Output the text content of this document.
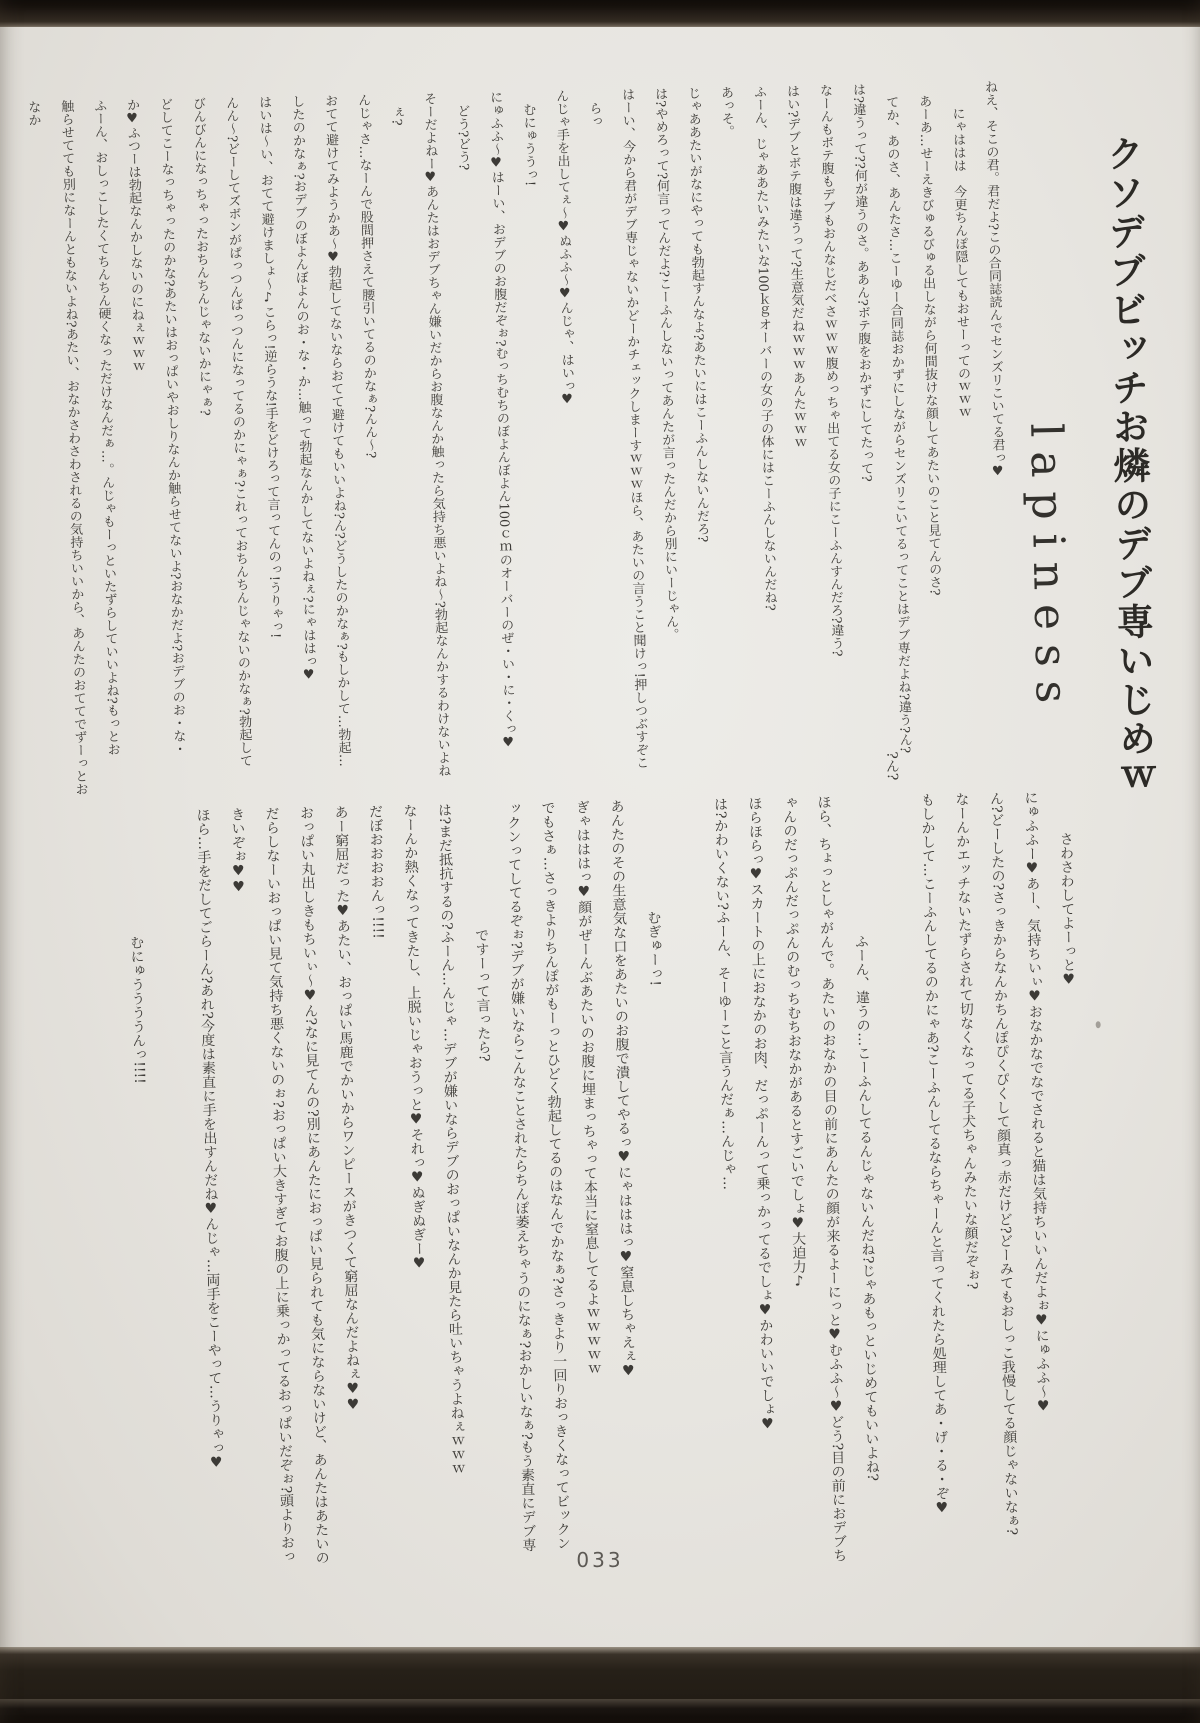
クソデブビッチお燐のデブ専いじめｗ
lapiness
ねえ、そこの君。君だよ?この合同誌読んでセンズリこいてる君っ♥
にゃははは　今更ちんぽ隠してもおせーってのｗｗｗ
あーあ…せーえきびゅるびゅる出しながら何間抜けな顔してあたいのこと見てんのさ?
てか、あのさ、あんたさ…こーゆー合同誌おかずにしながらセンズリこいてるってことはデブ専だよね?違う?ん?
は?違うって??何が違うのさ。ああん?ボテ腹をおかずにしてたって?
なーんもボテ腹もデブもおんなじだべさｗｗｗ腹めっちゃ出てる女の子にこーふんすんだろ?違う?
はい?デブとボテ腹は違うって?生意気だねｗｗｗあんたｗｗｗ
ふーん、じゃああたいみたいな100ｋｇオーバーの女の子の体にはこーふんしないんだね?
あっそ。
じゃああたいがなにやっても勃起すんなよ?あたいにはこーふんしないんだろ?
は?やめろって?何言ってんだよ?こーふんしないってあんたが言ったんだから別にいーじゃん。
はーい、今から君がデブ専じゃないかどーかチェックしまーすｗｗｗほら、あたいの言うこと聞けっ!押しつぶすぞこ
らっ
んじゃ手を出してぇ～♥ぬふふ～♥んじゃ、はいっ♥
むにゅううっ!
にゅふふ～♥はーい、おデブのお腹だぞぉ?むっちむちのぼよんぼよん100ｃｍのオーバーのぜ・い・に・くっ♥
どう?どう?
そーだよねー♥あんたはおデブちゃん嫌いだからお腹なんか触ったら気持ち悪いよね～?勃起なんかするわけないよね
ぇ?
んじゃさ…なーんで股間押さえて腰引いてるのかなぁ?んん～?
おてて避けてみようかあ～♥勃起してないならおてて避けてもいいよね?ん?どうしたのかなぁ?もしかして…勃起…
したのかなぁ?おデブのぼよんぼよんのお・な・か…触って勃起なんかしてないよねぇ?にゃははっ♥
はいは～い、おてて避けましょ～♪こらっ!逆らうな!手をどけろって言ってんのっ!うりゃっ!
んん～?どーしてズボンがぱっつんぱっつんになってるのかにゃぁ?これっておちんちんじゃないのかなぁ?勃起して
びんびんになっちゃったおちんちんじゃないかにゃぁ?
どしてこーなっちゃったのかな?あたいはおっぱいやおしりなんか触らせてないよ?おなかだよ?おデブのお・な・
か♥ふつーは勃起なんかしないのにねぇｗｗｗ
ふーん、おしっこしたくてちんちん硬くなっただけなんだぁ…。んじゃもーっといたずらしていいよね?もっとお
触らせてても別になーんともないよね?あたい、おなかさわさわされるの気持ちいいから、あんたのおててでずーっとおなか
さわさわしてよーっと♥
にゅふふー♥あー、気持ちいぃ♥おなかなでなでされると猫は気持ちいいんだよぉ♥にゅふふ～♥
ん?どーしたの?さっきからなんかちんぽぴくぴくして顔真っ赤だけど?どーみてもおしっこ我慢してる顔じゃないなぁ?
なーんかエッチないたずらされて切なくなってる子犬ちゃんみたいな顔だぞぉ?
もしかして…こーふんしてるのかにゃあ?こーふんしてるならちゃーんと言ってくれたら処理してあ・げ・る・ぞ♥
?ん?
ふーん、違うの…こーふんしてるんじゃないんだね?じゃあもっといじめてもいいよね?
ほら、ちょっとしゃがんで。あたいのおなかの目の前にあんたの顔が来るよーにっと♥むふふ～♥どう?目の前におデブち
ゃんのだっぷんだっぷんのむっちむちおなかがあるとすごいでしょ♥大迫力♪
ほらほらっ♥スカートの上におなかのお肉、だっぷーんって乗っかってるでしょ♥かわいいでしょ♥
は?かわいくない?ふーん、そーゆーこと言うんだぁ…んじゃ…

むぎゅーっ!
あんたのその生意気な口をあたいのお腹で潰してやるっ♥にゃはははっ♥窒息しちゃえぇ♥
ぎゃはははっ♥顔がぜーんぶあたいのお腹に埋まっちゃって本当に窒息してるよｗｗｗｗｗ
でもさぁ…さっきよりちんぽがもーっとひどく勃起してるのはなんでかなぁ?さっきより一回りおっきくなってビックン
ックンってしてるぞぉ?デブが嫌いならこんなことされたらちんぽ萎えちゃうのになぁ?おかしいなぁ?もう素直にデブ専
ですーって言ったら?
は?まだ抵抗するの?ふーん…んじゃ…デブが嫌いならデブのおっぱいなんか見たら吐いちゃうよねぇｗｗｗ
なーんか熱くなってきたし、上脱いじゃおうっと♥それっ♥ぬぎぬぎー♥
だぼおおおおんっ!!!!
あー窮屈だった♥あたい、おっぱい馬鹿でかいからワンピースがきつくて窮屈なんだよねぇ♥♥
おっぱい丸出しきもちいぃ～♥ん?なに見てんの?別にあんたにおっぱい見られても気にならないけど、あんたはあたいの
だらしなーいおっぱい見て気持ち悪くないのぉ?おっぱい大きすぎてお腹の上に乗っかってるおっぱいだぞぉ?頭よりおっ
きいぞぉ♥♥
ほら…手をだしてごらーん?あれ?今度は素直に手を出すんだね♥んじゃ…両手をこーやって…うりゃっ♥

むにゅううううんっ!!!!
033
